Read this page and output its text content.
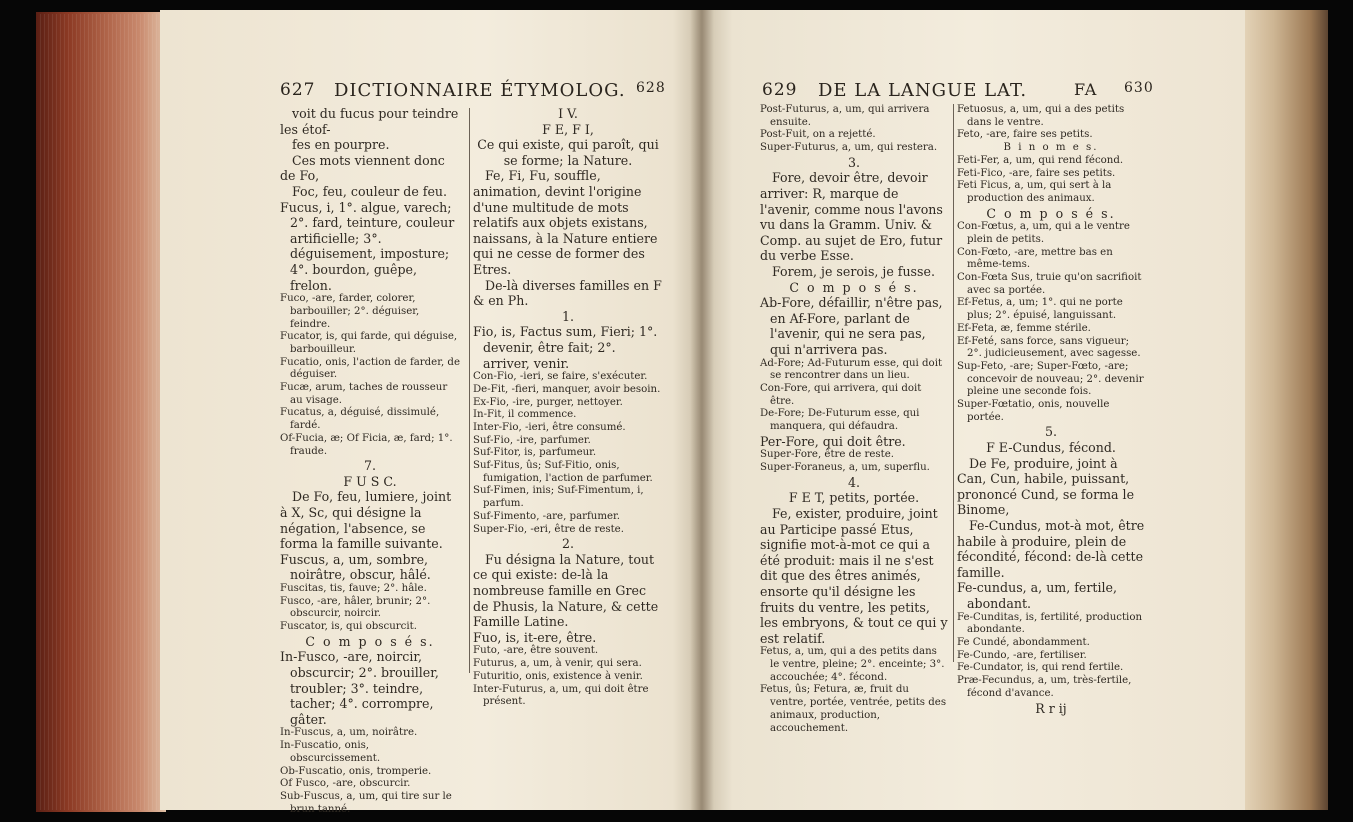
627 DICTIONNAIRE ÉTYMOLOG. 628

voit du fucus pour teindre les étof-

fes en pourpre.

Ces mots viennent donc de Fo,

Foc, feu, couleur de feu.

Fucus, i, 1°. algue, varech; 2°. fard, teinture, couleur artificielle; 3°. déguisement, imposture; 4°. bourdon, guêpe, frelon.

Fuco, -are, farder, colorer, barbouiller; 2°. déguiser, feindre.

Fucator, is, qui farde, qui déguise, barbouilleur.

Fucatio, onis, l'action de farder, de déguiser.

Fucæ, arum, taches de rousseur au visage.

Fucatus, a, déguisé, dissimulé, fardé.

Of-Fucia, æ; Of Ficia, æ, fard; 1°. fraude.

7.

F U S C.

De Fo, feu, lumiere, joint à X, Sc, qui désigne la négation, l'absence, se forma la famille suivante.

Fuscus, a, um, sombre, noirâtre, obscur, hâlé.

Fuscitas, tis, fauve; 2°. hâle.

Fusco, -are, hâler, brunir; 2°. obscurcir, noircir.

Fuscator, is, qui obscurcit.

C o m p o s é s.

In-Fusco, -are, noircir, obscurcir; 2°. brouiller, troubler; 3°. teindre, tacher; 4°. corrompre, gâter.

In-Fuscus, a, um, noirâtre.

In-Fuscatio, onis, obscurcissement.

Ob-Fuscatio, onis, tromperie.

Of Fusco, -are, obscurcir.

Sub-Fuscus, a, um, qui tire sur le brun tanné.

I V.

F E, F I,

Ce qui existe, qui paroît, qui se forme; la Nature.

Fe, Fi, Fu, souffle, animation, devint l'origine d'une multitude de mots relatifs aux objets existans, naissans, à la Nature entiere qui ne cesse de former des Etres.

De-là diverses familles en F & en Ph.

1.

Fio, is, Factus sum, Fieri; 1°. devenir, être fait; 2°. arriver, venir.

Con-Fio, -ieri, se faire, s'exécuter.

De-Fit, -fieri, manquer, avoir besoin.

Ex-Fio, -ire, purger, nettoyer.

In-Fit, il commence.

Inter-Fio, -ieri, être consumé.

Suf-Fio, -ire, parfumer.

Suf-Fitor, is, parfumeur.

Suf-Fitus, ûs; Suf-Fitio, onis, fumigation, l'action de parfumer.

Suf-Fimen, inis; Suf-Fimentum, i, parfum.

Suf-Fimento, -are, parfumer.

Super-Fio, -eri, être de reste.

2.

Fu désigna la Nature, tout ce qui existe: de-là la nombreuse famille en Grec de Phusis, la Nature, & cette Famille Latine.

Fuo, is, it-ere, être.

Futo, -are, être souvent.

Futurus, a, um, à venir, qui sera.

Futuritio, onis, existence à venir.

Inter-Futurus, a, um, qui doit être présent.

629 DE LA LANGUE LAT.	FA 630

Post-Futurus, a, um, qui arrivera ensuite.

Post-Fuit, on a rejetté.

Super-Futurus, a, um, qui restera.

3.

Fore, devoir être, devoir arriver: R, marque de l'avenir, comme nous l'avons vu dans la Gramm. Univ. & Comp. au sujet de Ero, futur du verbe Esse.

Forem, je serois, je fusse.

C o m p o s é s.

Ab-Fore, défaillir, n'être pas, en Af-Fore, parlant de l'avenir, qui ne sera pas, qui n'arrivera pas.

Ad-Fore; Ad-Futurum esse, qui doit se rencontrer dans un lieu.

Con-Fore, qui arrivera, qui doit être.

De-Fore; De-Futurum esse, qui manquera, qui défaudra.

Per-Fore, qui doit être.

Super-Fore, être de reste.

Super-Foraneus, a, um, superflu.

4.

F E T, petits, portée.

Fe, exister, produire, joint au Participe passé Etus, signifie mot-à-mot ce qui a été produit: mais il ne s'est dit que des êtres animés, ensorte qu'il désigne les fruits du ventre, les petits, les embryons, & tout ce qui y est relatif.

Fetus, a, um, qui a des petits dans le ventre, pleine; 2°. enceinte; 3°. accouchée; 4°. fécond.

Fetus, ûs; Fetura, æ, fruit du ventre, portée, ventrée, petits des animaux, production, accouchement.

Fetuosus, a, um, qui a des petits dans le ventre.

Feto, -are, faire ses petits.

B i n o m e s.

Feti-Fer, a, um, qui rend fécond.

Feti-Fico, -are, faire ses petits.

Feti Ficus, a, um, qui sert à la production des animaux.

C o m p o s é s.

Con-Fœtus, a, um, qui a le ventre plein de petits.

Con-Fœto, -are, mettre bas en même-tems.

Con-Fœta Sus, truie qu'on sacrifioit avec sa portée.

Ef-Fetus, a, um; 1°. qui ne porte plus; 2°. épuisé, languissant.

Ef-Feta, æ, femme stérile.

Ef-Feté, sans force, sans vigueur; 2°. judicieusement, avec sagesse.

Sup-Feto, -are; Super-Fœto, -are; concevoir de nouveau; 2°. devenir pleine une seconde fois.

Super-Fœtatio, onis, nouvelle portée.

5.

F E-Cundus, fécond.

De Fe, produire, joint à Can, Cun, habile, puissant, prononcé Cund, se forma le Binome,

Fe-Cundus, mot-à mot, être habile à produire, plein de fécondité, fécond: de-là cette famille.

Fe-cundus, a, um, fertile, abondant.

Fe-Cunditas, is, fertilité, production abondante.

Fe Cundé, abondamment.

Fe-Cundo, -are, fertiliser.

Fe-Cundator, is, qui rend fertile.

Præ-Fecundus, a, um, très-fertile, fécond d'avance.

R r ij
